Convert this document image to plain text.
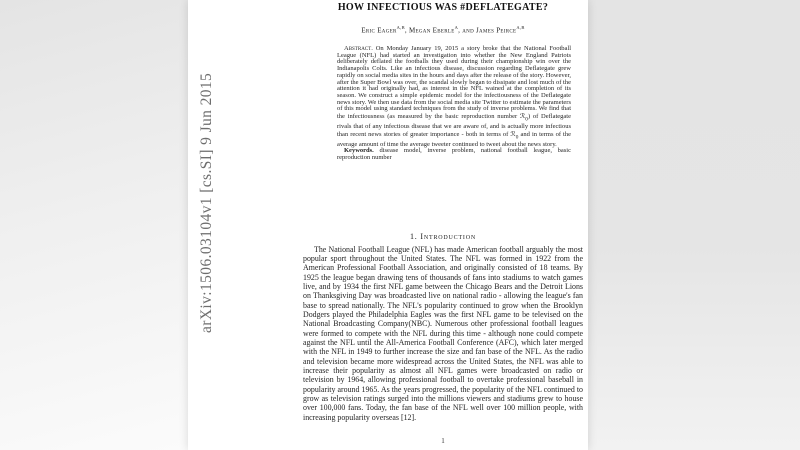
arXiv:1506.03104v1 [cs.SI] 9 Jun 2015
HOW INFECTIOUS WAS #DEFLATEGATE?
Eric Eager$^{A,B}$, Megan Eberle$^A$, and James Peirce$^{A,B}$

Abstract. On Monday January 19, 2015 a story broke that the National Football League (NFL) had started an investigation into whether the New England Patriots deliberately deflated the footballs they used during their championship win over the Indianapolis Colts. Like an infectious disease, discussion regarding Deflategate grew rapidly on social media sites in the hours and days after the release of the story. However, after the Super Bowl was over, the scandal slowly began to dissipate and lost much of the attention it had originally had, as interest in the NFL wained at the completion of its season. We construct a simple epidemic model for the infectiousness of the Deflategate news story. We then use data from the social media site Twitter to estimate the parameters of this model using standard techniques from the study of inverse problems. We find that the infectiousness (as measured by the basic reproduction number ℛ$_0$) of Deflategate rivals that of any infectious disease that we are aware of, and is actually more infectious than recent news stories of greater importance - both in terms of ℛ$_0$ and in terms of the average amount of time the average tweeter continued to tweet about the news story.

Keywords. disease model, inverse problem, national football league, basic reproduction number

1. Introduction
The National Football League (NFL) has made American football arguably the most popular sport throughout the United States. The NFL was formed in 1922 from the American Professional Football Association, and originally consisted of 18 teams. By 1925 the league began drawing tens of thousands of fans into stadiums to watch games live, and by 1934 the first NFL game between the Chicago Bears and the Detroit Lions on Thanksgiving Day was broadcasted live on national radio - allowing the league's fan base to spread nationally. The NFL's popularity continued to grow when the Brooklyn Dodgers played the Philadelphia Eagles was the first NFL game to be televised on the National Broadcasting Company(NBC). Numerous other professional football leagues were formed to compete with the NFL during this time - although none could compete against the NFL until the All-America Football Conference (AFC), which later merged with the NFL in 1949 to further increase the size and fan base of the NFL. As the radio and television became more widespread across the United States, the NFL was able to increase their popularity as almost all NFL games were broadcasted on radio or television by 1964, allowing professional football to overtake professional baseball in popularity around 1965. As the years progressed, the popularity of the NFL continued to grow as television ratings surged into the millions viewers and stadiums grew to house over 100,000 fans. Today, the fan base of the NFL well over 100 million people, with increasing popularity overseas [12].
1
